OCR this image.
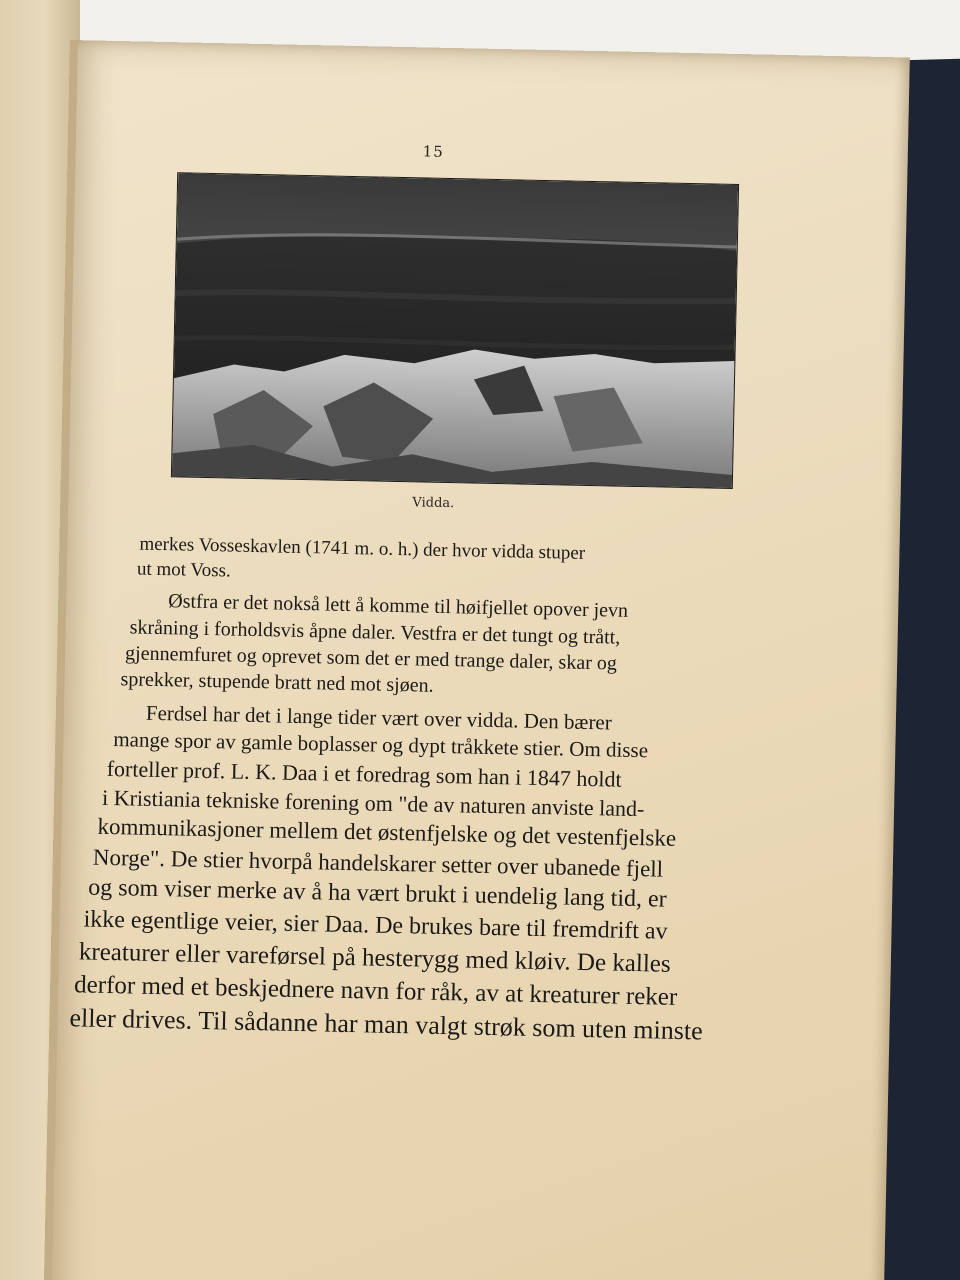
15
Vidda.
merkes Vosseskavlen (1741 m. o. h.) der hvor vidda stuper
ut mot Voss.
Østfra er det nokså lett å komme til høifjellet opover jevn
skråning i forholdsvis åpne daler. Vestfra er det tungt og trått,
gjennemfuret og oprevet som det er med trange daler, skar og
sprekker, stupende bratt ned mot sjøen.
Ferdsel har det i lange tider vært over vidda. Den bærer
mange spor av gamle boplasser og dypt tråkkete stier. Om disse
forteller prof. L. K. Daa i et foredrag som han i 1847 holdt
i Kristiania tekniske forening om "de av naturen anviste land-
kommunikasjoner mellem det østenfjelske og det vestenfjelske
Norge". De stier hvorpå handelskarer setter over ubanede fjell
og som viser merke av å ha vært brukt i uendelig lang tid, er
ikke egentlige veier, sier Daa. De brukes bare til fremdrift av
kreaturer eller vareførsel på hesterygg med kløiv. De kalles
derfor med et beskjednere navn for råk, av at kreaturer reker
eller drives. Til sådanne har man valgt strøk som uten minste
